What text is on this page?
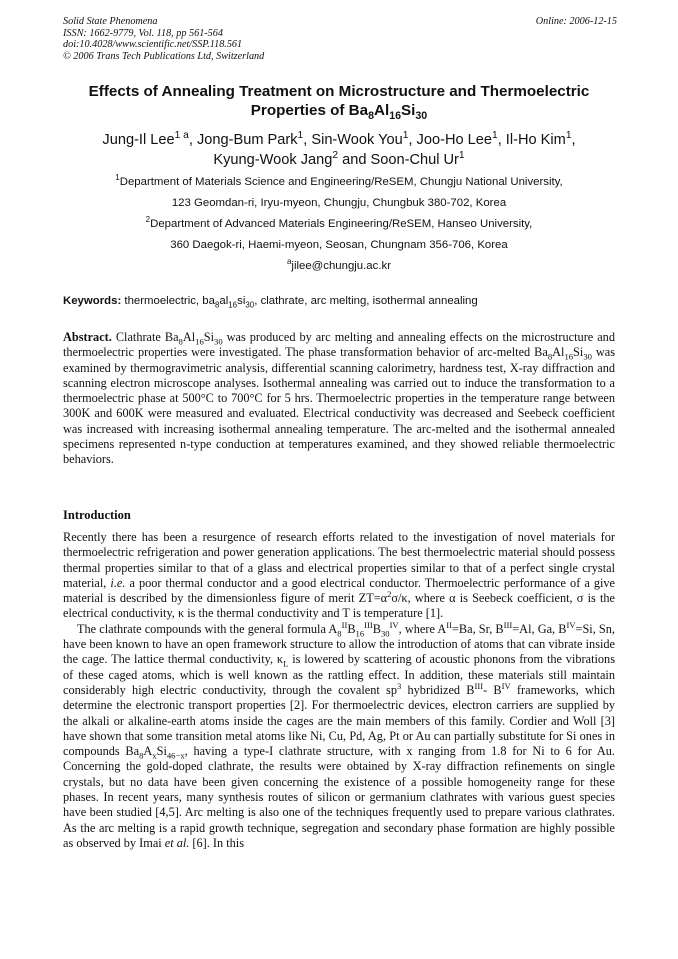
Solid State Phenomena
ISSN: 1662-9779, Vol. 118, pp 561-564
doi:10.4028/www.scientific.net/SSP.118.561
© 2006 Trans Tech Publications Ltd, Switzerland
Online: 2006-12-15
Effects of Annealing Treatment on Microstructure and Thermoelectric
Properties of $Ba_8Al_{16}Si_{30}$
Jung-Il Lee$^{1 a}$, Jong-Bum Park$^1$, Sin-Wook You$^1$, Joo-Ho Lee$^1$, Il-Ho Kim$^1$,
Kyung-Wook Jang$^2$ and Soon-Chul Ur$^1$
$^1$Department of Materials Science and Engineering/ReSEM, Chungju National University,
123 Geomdan-ri, Iryu-myeon, Chungju, Chungbuk 380-702, Korea
$^2$Department of Advanced Materials Engineering/ReSEM, Hanseo University,
360 Daegok-ri, Haemi-myeon, Seosan, Chungnam 356-706, Korea
$^a$jilee@chungju.ac.kr
Keywords: thermoelectric, $ba_8al_{16}si_{30}$, clathrate, arc melting, isothermal annealing
Abstract. Clathrate $Ba_8Al_{16}Si_{30}$ was produced by arc melting and annealing effects on the microstructure and thermoelectric properties were investigated. The phase transformation behavior of arc-melted $Ba_8Al_{16}Si_{30}$ was examined by thermogravimetric analysis, differential scanning calorimetry, hardness test, X-ray diffraction and scanning electron microscope analyses. Isothermal annealing was carried out to induce the transformation to a thermoelectric phase at 500°C to 700°C for 5 hrs. Thermoelectric properties in the temperature range between 300K and 600K were measured and evaluated. Electrical conductivity was decreased and Seebeck coefficient was increased with increasing isothermal annealing temperature. The arc-melted and the isothermal annealed specimens represented n-type conduction at temperatures examined, and they showed reliable thermoelectric behaviors.
Introduction

Recently there has been a resurgence of research efforts related to the investigation of novel materials for thermoelectric refrigeration and power generation applications. The best thermoelectric material should possess thermal properties similar to that of a glass and electrical properties similar to that of a perfect single crystal material, i.e. a poor thermal conductor and a good electrical conductor. Thermoelectric performance of a give material is described by the dimensionless figure of merit $ZT=\alpha^2\sigma/\kappa$, where α is Seebeck coefficient, σ is the electrical conductivity, κ is the thermal conductivity and T is temperature [1].

The clathrate compounds with the general formula $A_8^{II}B_{16}^{III}B_{30}^{IV}$, where $A^{II}=Ba$, Sr, $B^{III}=Al$, Ga, $B^{IV}=Si$, Sn, have been known to have an open framework structure to allow the introduction of atoms that can vibrate inside the cage. The lattice thermal conductivity, $\kappa_L$ is lowered by scattering of acoustic phonons from the vibrations of these caged atoms, which is well known as the rattling effect. In addition, these materials still maintain considerably high electric conductivity, through the covalent $sp^3$ hybridized $B^{III}-$ $B^{IV}$ frameworks, which determine the electronic transport properties [2]. For thermoelectric devices, electron carriers are supplied by the alkali or alkaline-earth atoms inside the cages are the main members of this family. Cordier and Woll [3] have shown that some transition metal atoms like Ni, Cu, Pd, Ag, Pt or Au can partially substitute for Si ones in compounds $Ba_8A_xSi_{46-x}$, having a type-I clathrate structure, with x ranging from 1.8 for Ni to 6 for Au. Concerning the gold-doped clathrate, the results were obtained by X-ray diffraction refinements on single crystals, but no data have been given concerning the existence of a possible homogeneity range for these phases. In recent years, many synthesis routes of silicon or germanium clathrates with various guest species have been studied [4,5]. Arc melting is also one of the techniques frequently used to prepare various clathrates. As the arc melting is a rapid growth technique, segregation and secondary phase formation are highly possible as observed by Imai et al. [6]. In this
